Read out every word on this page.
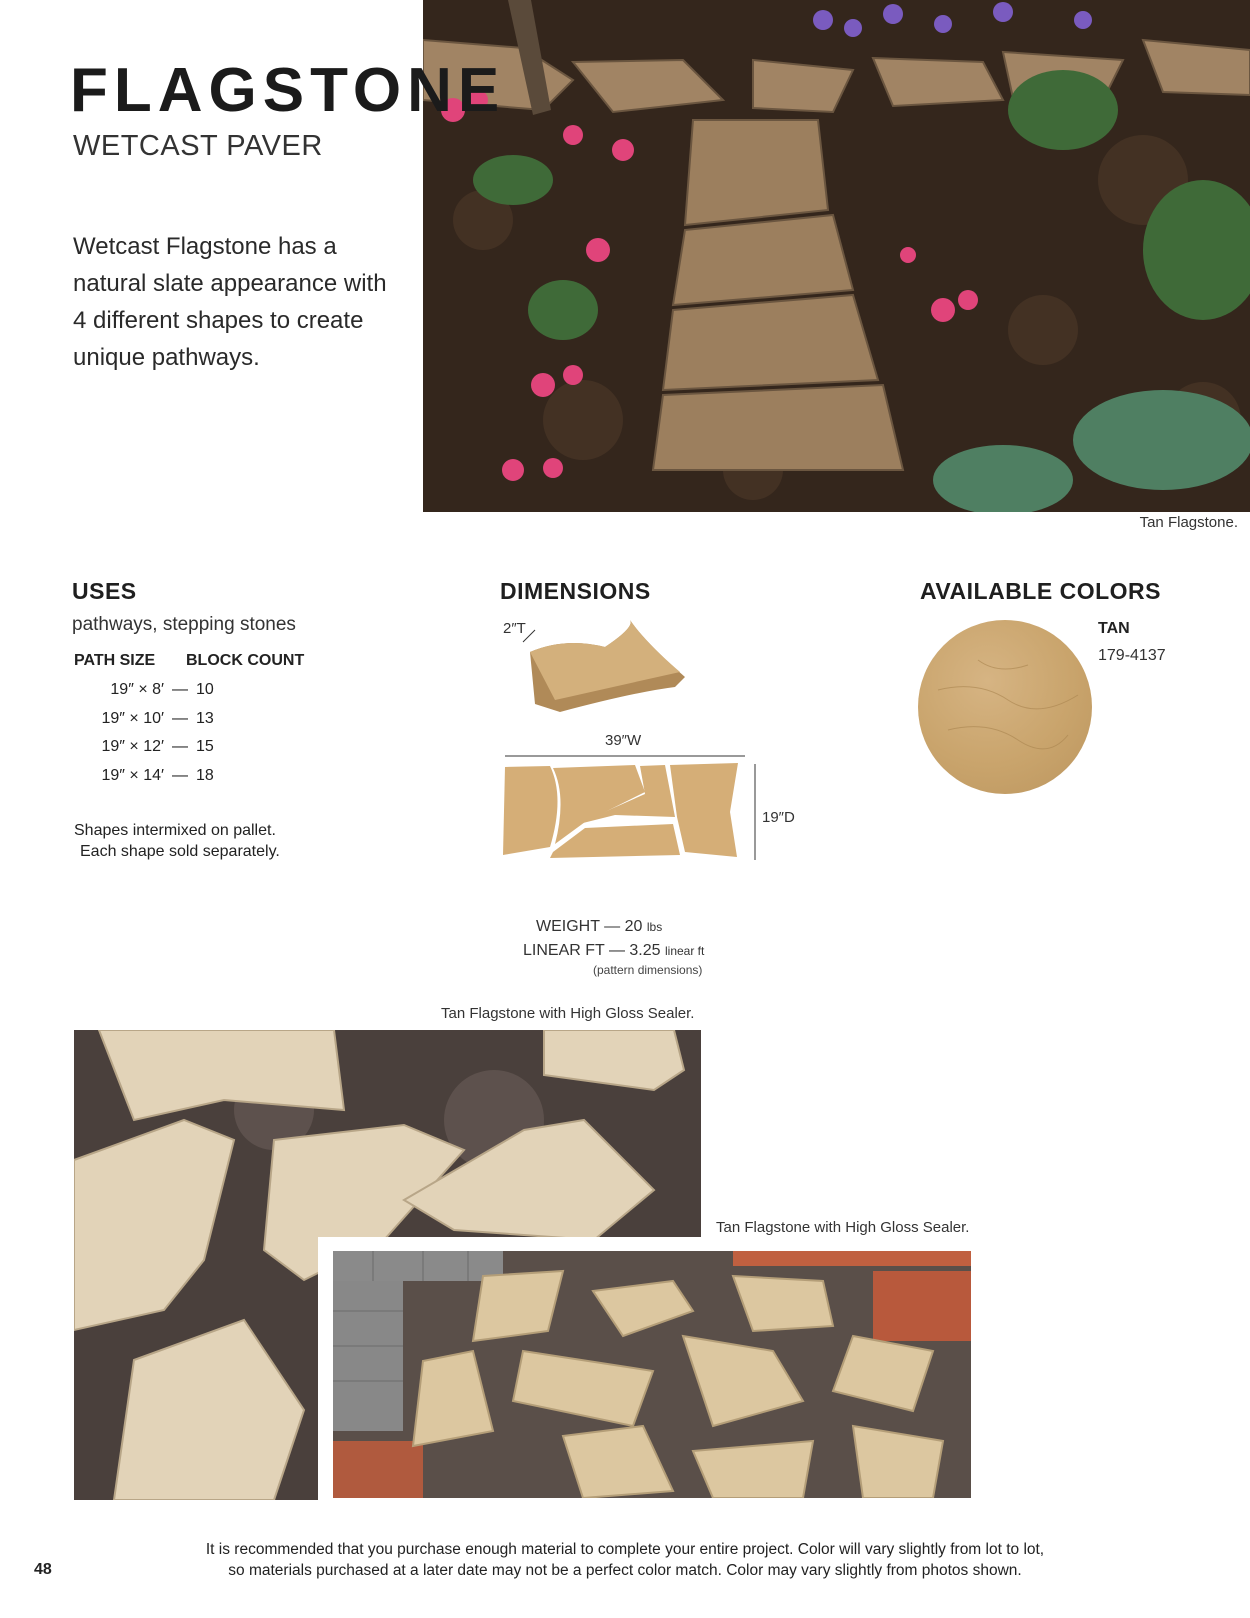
FLAGSTONE
WETCAST PAVER
Wetcast Flagstone has a natural slate appearance with 4 different shapes to create unique pathways.
Tan Flagstone.
USES
pathways, stepping stones
PATH SIZE	BLOCK COUNT
19″ × 8′ — 10
19″ × 10′ — 13
19″ × 12′ — 15
19″ × 14′ — 18
Shapes intermixed on pallet.
Each shape sold separately.
DIMENSIONS
2″T
39″W
19″D
WEIGHT — 20 lbs
LINEAR FT — 3.25 linear ft
(pattern dimensions)
AVAILABLE COLORS
TAN
179-4137
Tan Flagstone with High Gloss Sealer.
Tan Flagstone with High Gloss Sealer.
It is recommended that you purchase enough material to complete your entire project. Color will vary slightly from lot to lot,
so materials purchased at a later date may not be a perfect color match. Color may vary slightly from photos shown.
48
